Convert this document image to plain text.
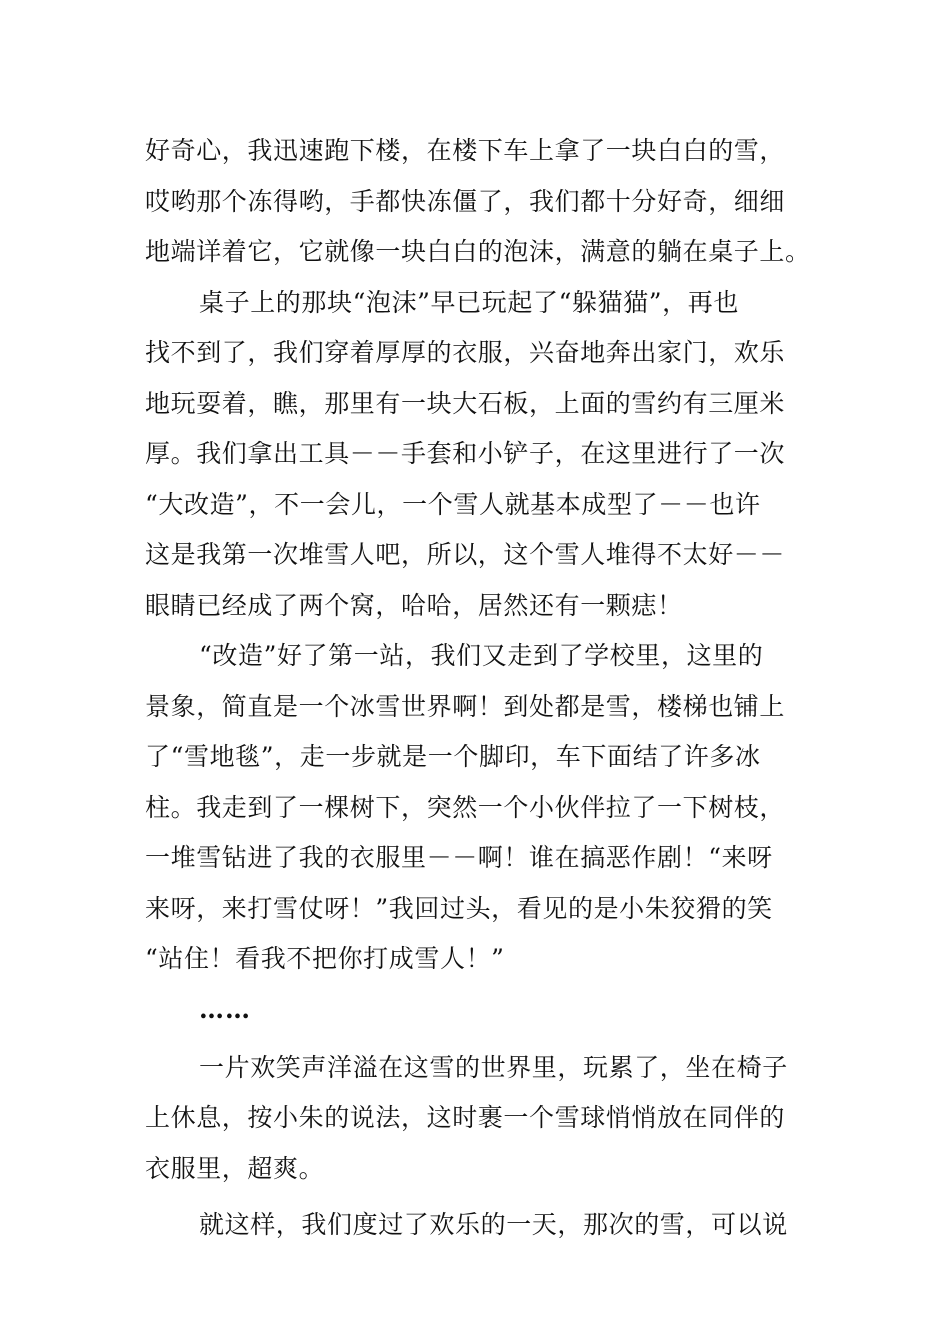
好奇心，我迅速跑下楼，在楼下车上拿了一块白白的雪，
哎哟那个冻得哟，手都快冻僵了，我们都十分好奇，细细
地端详着它，它就像一块白白的泡沫，满意的躺在桌子上。
桌子上的那块“泡沫”早已玩起了“躲猫猫”，再也
找不到了，我们穿着厚厚的衣服，兴奋地奔出家门，欢乐
地玩耍着，瞧，那里有一块大石板，上面的雪约有三厘米
厚。我们拿出工具－－手套和小铲子，在这里进行了一次
“大改造”，不一会儿，一个雪人就基本成型了－－也许
这是我第一次堆雪人吧，所以，这个雪人堆得不太好－－
眼睛已经成了两个窝，哈哈，居然还有一颗痣！
“改造”好了第一站，我们又走到了学校里，这里的
景象，简直是一个冰雪世界啊！到处都是雪，楼梯也铺上
了“雪地毯”，走一步就是一个脚印，车下面结了许多冰
柱。我走到了一棵树下，突然一个小伙伴拉了一下树枝，
一堆雪钻进了我的衣服里－－啊！谁在搞恶作剧！“来呀
来呀，来打雪仗呀！”我回过头，看见的是小朱狡猾的笑
“站住！看我不把你打成雪人！”
……
一片欢笑声洋溢在这雪的世界里，玩累了，坐在椅子
上休息，按小朱的说法，这时裹一个雪球悄悄放在同伴的
衣服里，超爽。
就这样，我们度过了欢乐的一天，那次的雪，可以说
